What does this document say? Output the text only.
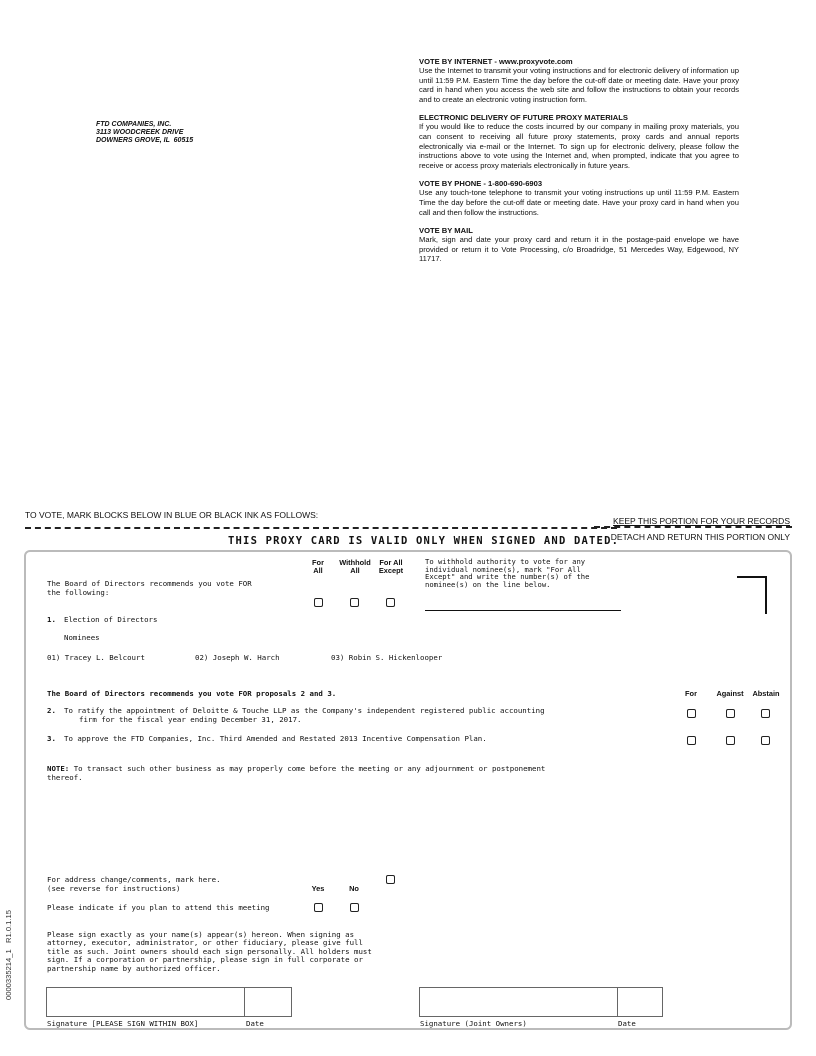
FTD COMPANIES, INC.
3113 WOODCREEK DRIVE
DOWNERS GROVE, IL  60515
VOTE BY INTERNET - www.proxyvote.com

Use the Internet to transmit your voting instructions and for electronic delivery of information up until 11:59 P.M. Eastern Time the day before the cut-off date or meeting date. Have your proxy card in hand when you access the web site and follow the instructions to obtain your records and to create an electronic voting instruction form.

ELECTRONIC DELIVERY OF FUTURE PROXY MATERIALS

If you would like to reduce the costs incurred by our company in mailing proxy materials, you can consent to receiving all future proxy statements, proxy cards and annual reports electronically via e-mail or the Internet. To sign up for electronic delivery, please follow the instructions above to vote using the Internet and, when prompted, indicate that you agree to receive or access proxy materials electronically in future years.

VOTE BY PHONE - 1-800-690-6903

Use any touch-tone telephone to transmit your voting instructions up until 11:59 P.M. Eastern Time the day before the cut-off date or meeting date. Have your proxy card in hand when you call and then follow the instructions.

VOTE BY MAIL

Mark, sign and date your proxy card and return it in the postage-paid envelope we have provided or return it to Vote Processing, c/o Broadridge, 51 Mercedes Way, Edgewood, NY 11717.

TO VOTE, MARK BLOCKS BELOW IN BLUE OR BLACK INK AS FOLLOWS:
KEEP THIS PORTION FOR YOUR RECORDS
DETACH AND RETURN THIS PORTION ONLY
THIS PROXY CARD IS VALID ONLY WHEN SIGNED AND DATED.
The Board of Directors recommends you vote FOR
the following:
For
All
Withhold
All
For All
Except
To withhold authority to vote for any
individual nominee(s), mark "For All
Except" and write the number(s) of the
nominee(s) on the line below.
1. Election of Directors
Nominees
01) Tracey L. Belcourt	02) Joseph W. Harch	03) Robin S. Hickenlooper
The Board of Directors recommends you vote FOR proposals 2 and 3.	For	Against	Abstain
2. To ratify the appointment of Deloitte & Touche LLP as the Company's independent registered public accounting
firm for the fiscal year ending December 31, 2017.
3. To approve the FTD Companies, Inc. Third Amended and Restated 2013 Incentive Compensation Plan.
NOTE: To transact such other business as may properly come before the meeting or any adjournment or postponement
thereof.
For address change/comments, mark here.
(see reverse for instructions)	Yes	No
Please indicate if you plan to attend this meeting
Please sign exactly as your name(s) appear(s) hereon. When signing as
attorney, executor, administrator, or other fiduciary, please give full
title as such. Joint owners should each sign personally. All holders must
sign. If a corporation or partnership, please sign in full corporate or
partnership name by authorized officer.
Signature [PLEASE SIGN WITHIN BOX]	Date	Signature (Joint Owners)	Date
0000335214_1   R1.0.1.15
